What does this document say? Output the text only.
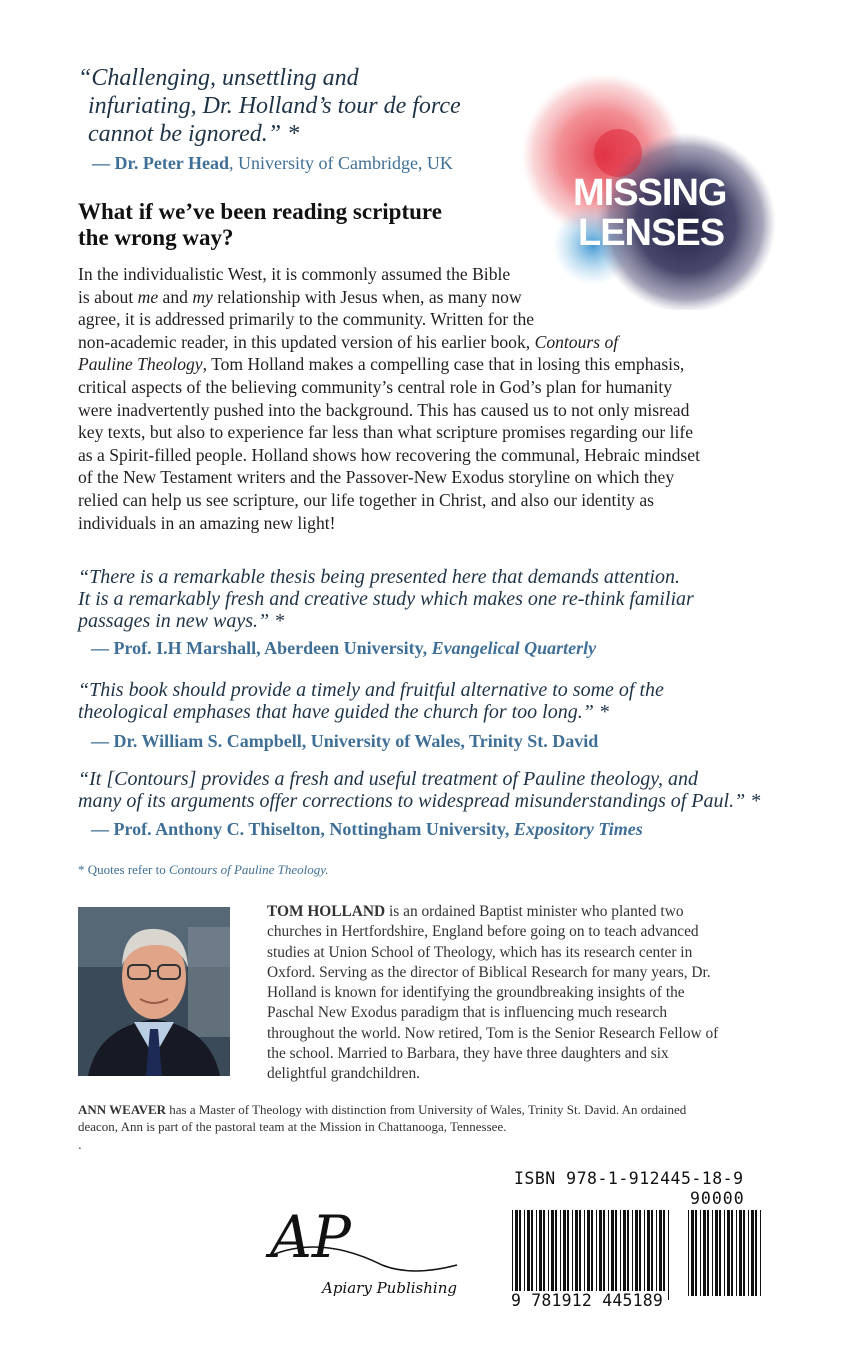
“Challenging, unsettling and
infuriating, Dr. Holland’s tour de force
cannot be ignored.” *
— Dr. Peter Head, University of Cambridge, UK
MISSING
LENSES
What if we’ve been reading scripture
the wrong way?
In the individualistic West, it is commonly assumed the Bible
is about me and my relationship with Jesus when, as many now
agree, it is addressed primarily to the community. Written for the
non-academic reader, in this updated version of his earlier book, Contours of
Pauline Theology, Tom Holland makes a compelling case that in losing this emphasis,
critical aspects of the believing community’s central role in God’s plan for humanity
were inadvertently pushed into the background. This has caused us to not only misread
key texts, but also to experience far less than what scripture promises regarding our life
as a Spirit-filled people. Holland shows how recovering the communal, Hebraic mindset
of the New Testament writers and the Passover-New Exodus storyline on which they
relied can help us see scripture, our life together in Christ, and also our identity as
individuals in an amazing new light!
“There is a remarkable thesis being presented here that demands attention.
It is a remarkably fresh and creative study which makes one re-think familiar
passages in new ways.” *
— Prof. I.H Marshall, Aberdeen University, Evangelical Quarterly
“This book should provide a timely and fruitful alternative to some of the
theological emphases that have guided the church for too long.” *
— Dr. William S. Campbell, University of Wales, Trinity St. David
“It [Contours] provides a fresh and useful treatment of Pauline theology, and
many of its arguments offer corrections to widespread misunderstandings of Paul.” *
— Prof. Anthony C. Thiselton, Nottingham University, Expository Times
* Quotes refer to Contours of Pauline Theology.
TOM HOLLAND is an ordained Baptist minister who planted two
churches in Hertfordshire, England before going on to teach advanced
studies at Union School of Theology, which has its research center in
Oxford. Serving as the director of Biblical Research for many years, Dr.
Holland is known for identifying the groundbreaking insights of the
Paschal New Exodus paradigm that is influencing much research
throughout the world. Now retired, Tom is the Senior Research Fellow of
the school. Married to Barbara, they have three daughters and six
delightful grandchildren.
ANN WEAVER has a Master of Theology with distinction from University of Wales, Trinity St. David. An ordained
deacon, Ann is part of the pastoral team at the Mission in Chattanooga, Tennessee.
.
AP
Apiary Publishing
ISBN 978-1-912445-18-9
90000
9 781912 445189
